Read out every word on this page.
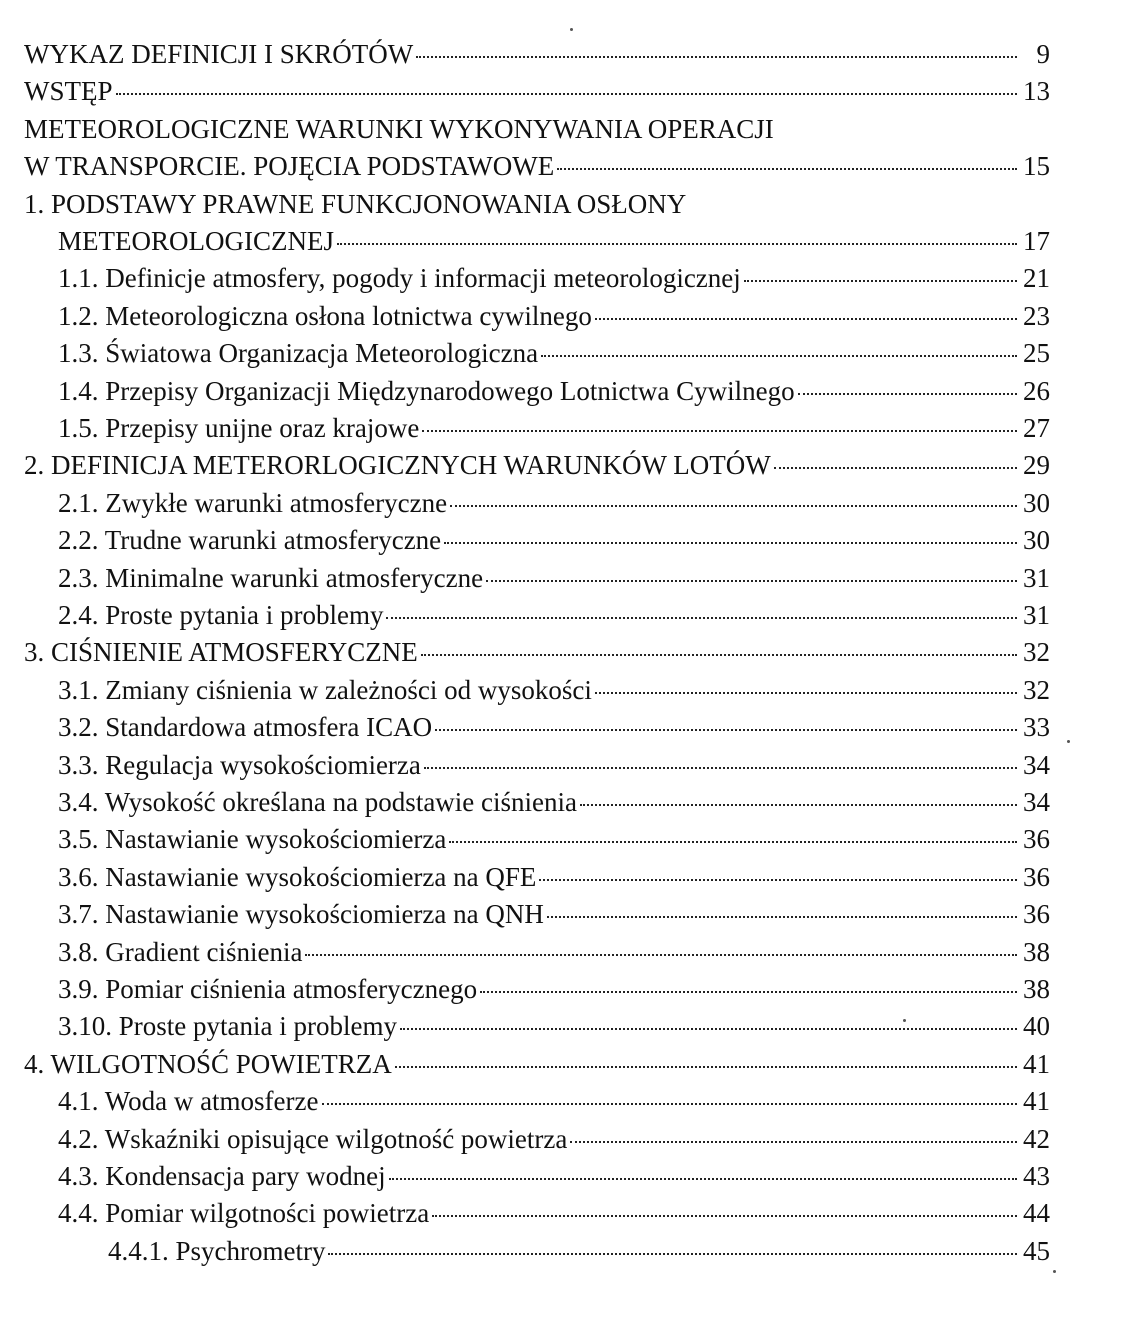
WYKAZ DEFINICJI I SKRÓTÓW	9
WSTĘP	13
METEOROLOGICZNE WARUNKI WYKONYWANIA OPERACJI
W TRANSPORCIE. POJĘCIA PODSTAWOWE	15
1. PODSTAWY PRAWNE FUNKCJONOWANIA OSŁONY
METEOROLOGICZNEJ	17
1.1. Definicje atmosfery, pogody i informacji meteorologicznej	21
1.2. Meteorologiczna osłona lotnictwa cywilnego	23
1.3. Światowa Organizacja Meteorologiczna	25
1.4. Przepisy Organizacji Międzynarodowego Lotnictwa Cywilnego	26
1.5. Przepisy unijne oraz krajowe	27
2. DEFINICJA METERORLOGICZNYCH WARUNKÓW LOTÓW	29
2.1. Zwykłe warunki atmosferyczne	30
2.2. Trudne warunki atmosferyczne	30
2.3. Minimalne warunki atmosferyczne	31
2.4. Proste pytania i problemy	31
3. CIŚNIENIE ATMOSFERYCZNE	32
3.1. Zmiany ciśnienia w zależności od wysokości	32
3.2. Standardowa atmosfera ICAO	33
3.3. Regulacja wysokościomierza	34
3.4. Wysokość określana na podstawie ciśnienia	34
3.5. Nastawianie wysokościomierza	36
3.6. Nastawianie wysokościomierza na QFE	36
3.7. Nastawianie wysokościomierza na QNH	36
3.8. Gradient ciśnienia	38
3.9. Pomiar ciśnienia atmosferycznego	38
3.10. Proste pytania i problemy	40
4. WILGOTNOŚĆ POWIETRZA	41
4.1. Woda w atmosferze	41
4.2. Wskaźniki opisujące wilgotność powietrza	42
4.3. Kondensacja pary wodnej	43
4.4. Pomiar wilgotności powietrza	44
4.4.1. Psychrometry	45
